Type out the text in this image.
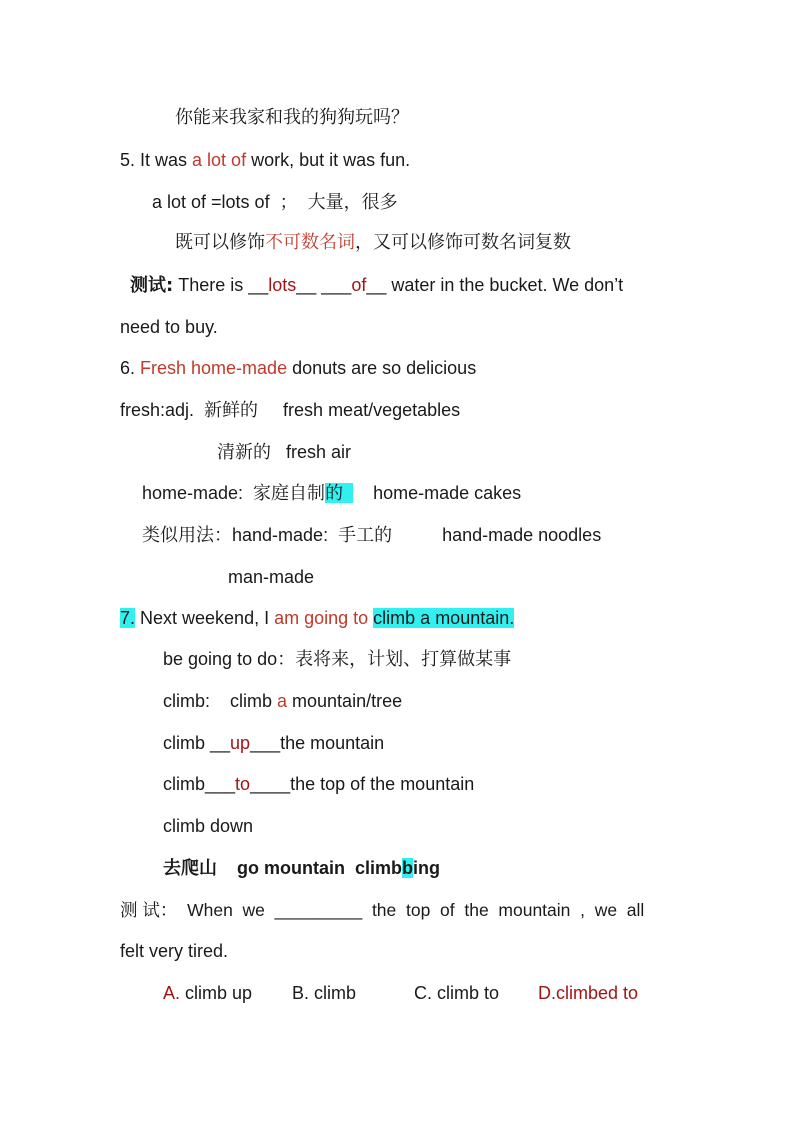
你能来我家和我的狗狗玩吗？
5. It was a lot of work, but it was fun.
a lot of =lots of  ；  大量，很多
既可以修饰不可数名词，又可以修饰可数名词复数
测试: There is __lots__ ___of__ water in the bucket. We don’t
need to buy.
6. Fresh home-made donuts are so delicious
fresh:adj.  新鲜的     fresh meat/vegetables
清新的   fresh air
home-made:  家庭自制的      home-made cakes
类似用法：hand-made:  手工的          hand-made noodles
man-made
7. Next weekend, I am going to climb a mountain.
be going to do：表将来，计划、打算做某事
climb:    climb a mountain/tree
climb __up___the mountain
climb___to____the top of the mountain
climb down
去爬山    go mountain  climbbing
测 试：  When  we  _________  the  top  of  the  mountain  ,  we  all
felt very tired.
A. climb up B. climb	C. climb to D.climbed to
